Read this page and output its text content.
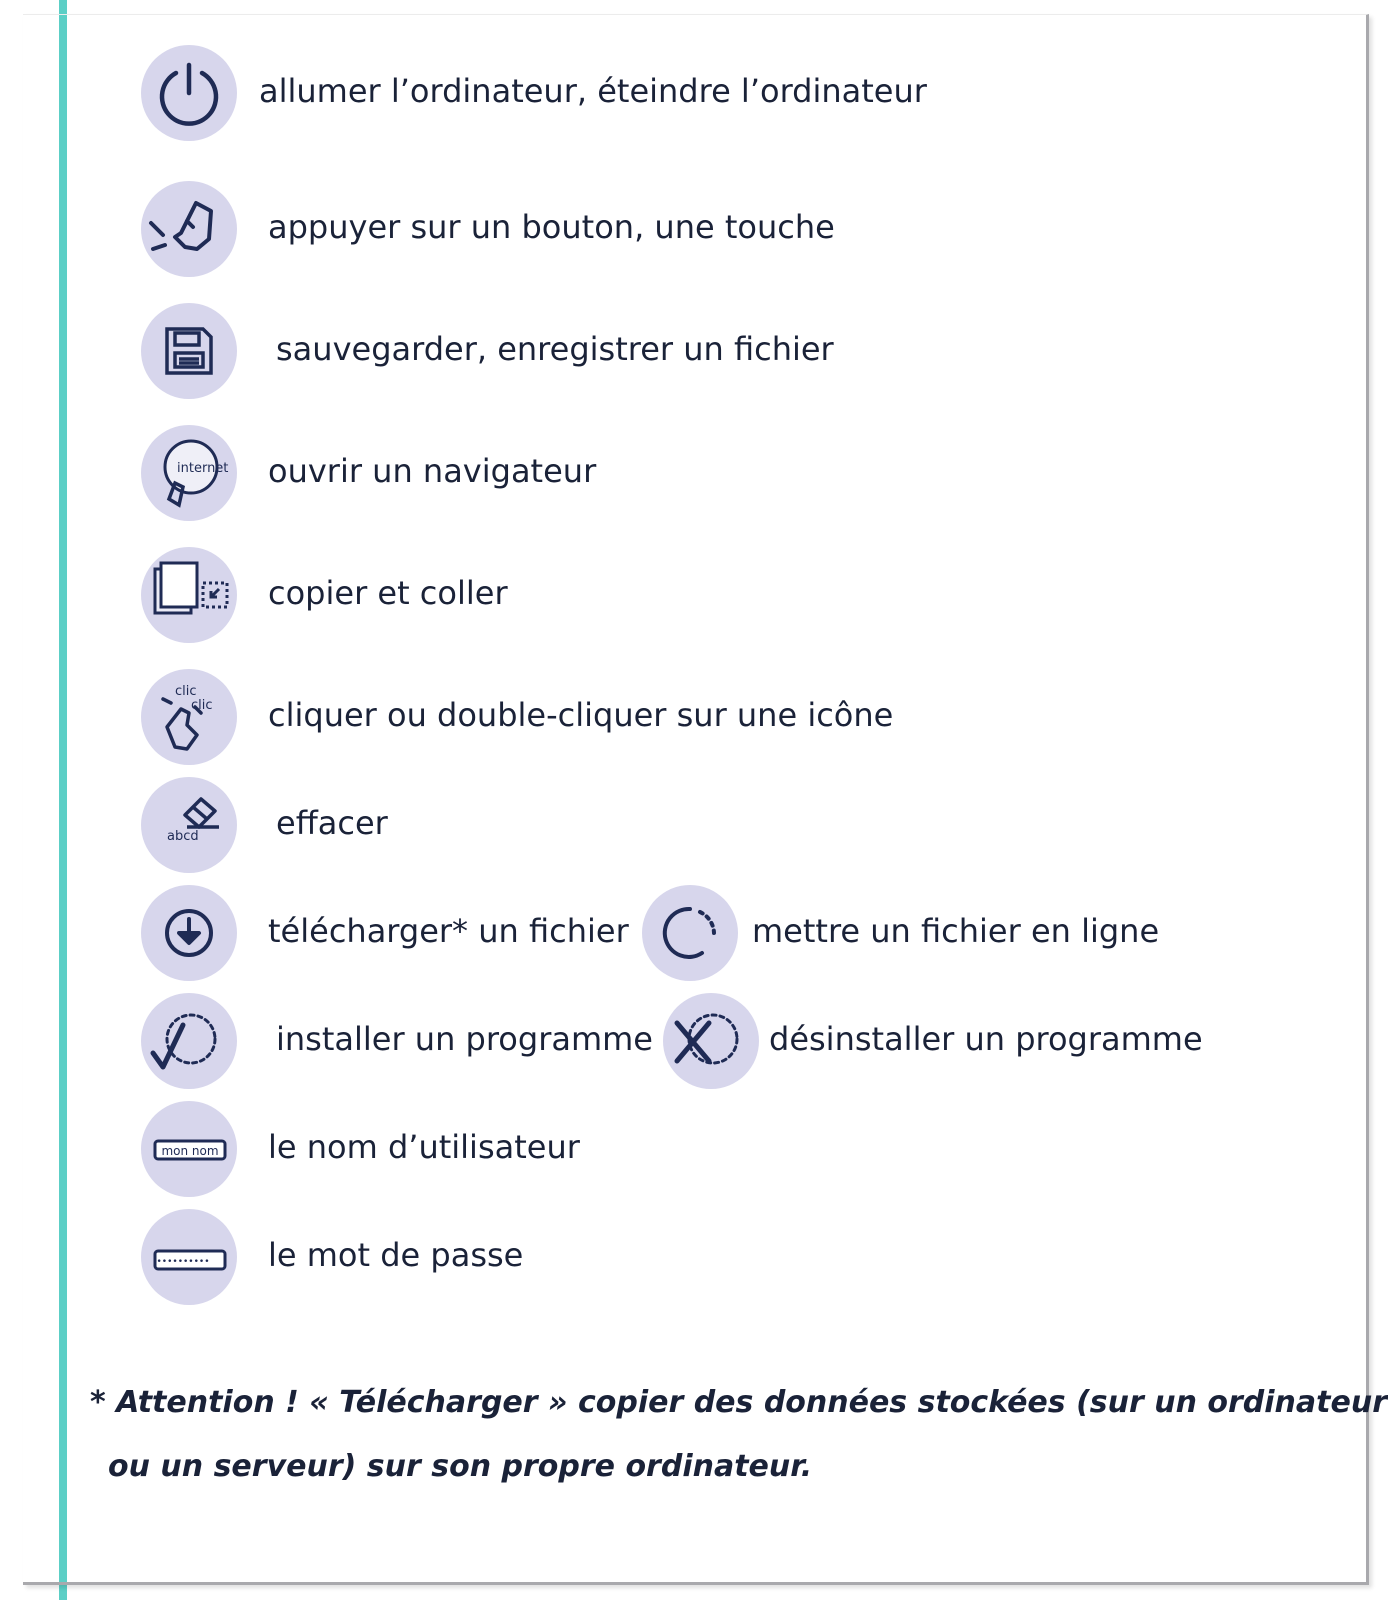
allumer l’ordinateur, éteindre l’ordinateur
appuyer sur un bouton, une touche
sauvegarder, enregistrer un fichier
internet ouvrir un navigateur
copier et coller
clic
clic cliquer ou double-cliquer sur une icône
abcd effacer
télécharger* un fichier	mettre un fichier en ligne
installer un programme	désinstaller un programme
mon nom le nom d’utilisateur
•••••••••• le mot de passe
* Attention ! « Télécharger » copier des données stockées (sur un ordinateur
ou un serveur) sur son propre ordinateur.
